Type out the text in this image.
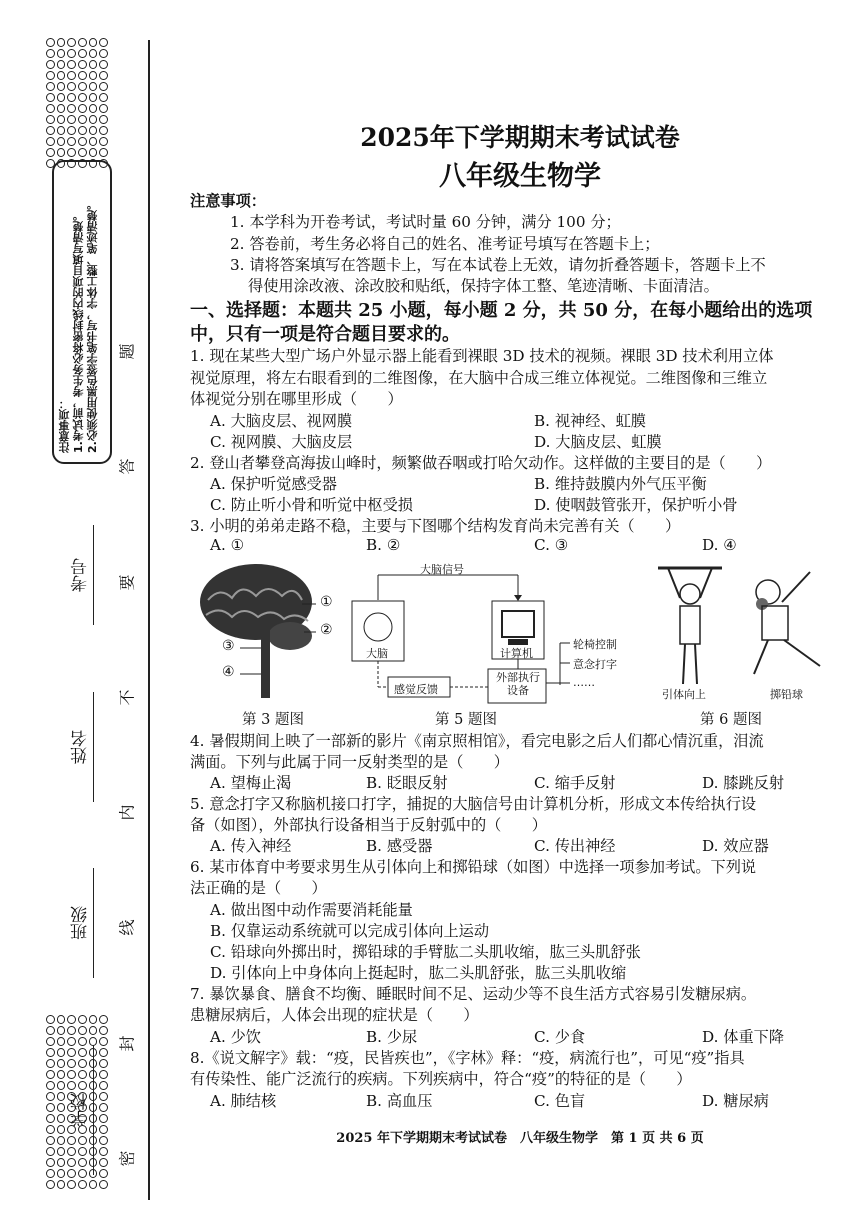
注意事项： 1.考试前，考生务必将密封线内的项目填写清楚。 2.必须使用黑色签字笔书写，字体工整、笔迹清楚。
学校
班级
姓名
考号
题
答
要
不
内
线
封
密
2025年下学期期末考试试卷
八年级生物学
注意事项：
1. 本学科为开卷考试，考试时量 60 分钟，满分 100 分；
2. 答卷前，考生务必将自己的姓名、准考证号填写在答题卡上；
3. 请将答案填写在答题卡上，写在本试卷上无效，请勿折叠答题卡，答题卡上不
得使用涂改液、涂改胶和贴纸，保持字体工整、笔迹清晰、卡面清洁。
一、选择题：本题共 25 小题，每小题 2 分，共 50 分，在每小题给出的选项
中，只有一项是符合题目要求的。
1. 现在某些大型广场户外显示器上能看到裸眼 3D 技术的视频。裸眼 3D 技术利用立体
视觉原理，将左右眼看到的二维图像，在大脑中合成三维立体视觉。二维图像和三维立
体视觉分别在哪里形成（　　）
A. 大脑皮层、视网膜	B. 视神经、虹膜
C. 视网膜、大脑皮层	D. 大脑皮层、虹膜
2. 登山者攀登高海拔山峰时，频繁做吞咽或打哈欠动作。这样做的主要目的是（　　）
A. 保护听觉感受器	B. 维持鼓膜内外气压平衡
C. 防止听小骨和听觉中枢受损	D. 使咽鼓管张开，保护听小骨
3. 小明的弟弟走路不稳，主要与下图哪个结构发育尚未完善有关（　　）
A. ①	B. ②	C. ③	D. ④
①
②
③
④
大脑信号
大脑	计算机
感觉反馈
外部执行设备
轮椅控制
意念打字
……
引体向上	掷铅球
第 3 题图	第 5 题图	第 6 题图
4. 暑假期间上映了一部新的影片《南京照相馆》，看完电影之后人们都心情沉重，泪流
满面。下列与此属于同一反射类型的是（　　）
A. 望梅止渴	B. 眨眼反射	C. 缩手反射	D. 膝跳反射
5. 意念打字又称脑机接口打字，捕捉的大脑信号由计算机分析，形成文本传给执行设
备（如图），外部执行设备相当于反射弧中的（　　）
A. 传入神经	B. 感受器	C. 传出神经	D. 效应器
6. 某市体育中考要求男生从引体向上和掷铅球（如图）中选择一项参加考试。下列说
法正确的是（　　）
A. 做出图中动作需要消耗能量
B. 仅靠运动系统就可以完成引体向上运动
C. 铅球向外掷出时，掷铅球的手臂肱二头肌收缩，肱三头肌舒张
D. 引体向上中身体向上挺起时，肱二头肌舒张，肱三头肌收缩
7. 暴饮暴食、膳食不均衡、睡眠时间不足、运动少等不良生活方式容易引发糖尿病。
患糖尿病后，人体会出现的症状是（　　）
A. 少饮	B. 少尿	C. 少食	D. 体重下降
8.《说文解字》载：“疫，民皆疾也”，《字林》释：“疫，病流行也”，可见“疫”指具
有传染性、能广泛流行的疾病。下列疾病中，符合“疫”的特征的是（　　）
A. 肺结核	B. 高血压	C. 色盲	D. 糖尿病
2025 年下学期期末考试试卷　八年级生物学　第 1 页 共 6 页
